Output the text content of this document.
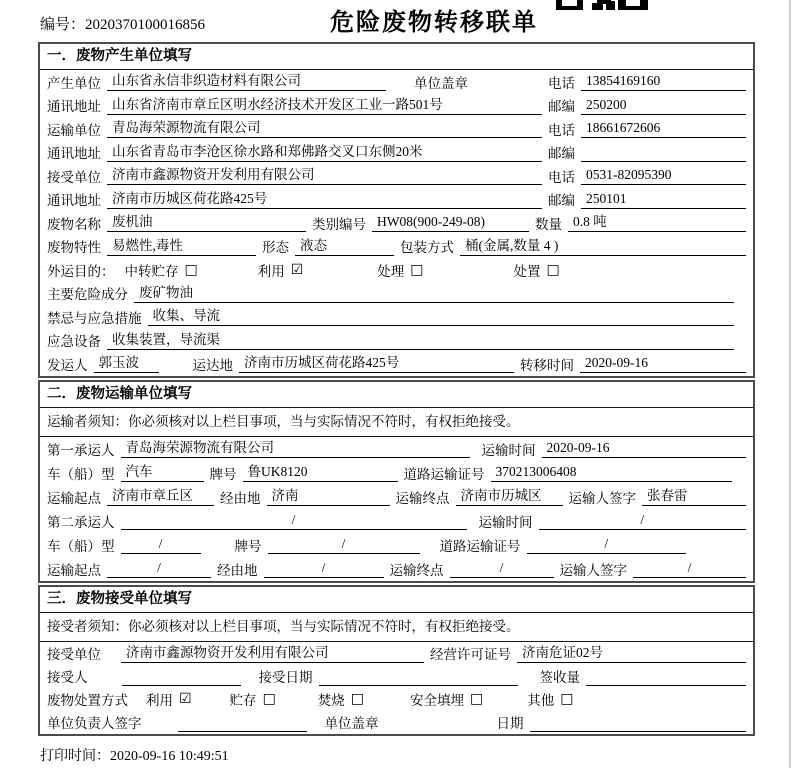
编号：2020370100016856	危险废物转移联单
一．废物产生单位填写
产生单位 山东省永信非织造材料有限公司	单位盖章	电话 13854169160
通讯地址 山东省济南市章丘区明水经济技术开发区工业一路501号	邮编 250200
运输单位 青岛海荣源物流有限公司	电话 18661672606
通讯地址 山东省青岛市李沧区徐水路和郑佛路交叉口东侧20米	邮编
接受单位 济南市鑫源物资开发利用有限公司	电话 0531-82095390
通讯地址 济南市历城区荷花路425号	邮编 250101
废物名称 废机油	类别编号 HW08(900-249-08)	数量 0.8 吨
废物特性 易燃性,毒性	形态 液态	包装方式 桶(金属,数量 4 )
外运目的： 中转贮存 □	利用 ☑	处理 □	处置 □
主要危险成分 废矿物油
禁忌与应急措施 收集、导流
应急设备 收集装置，导流渠
发运人 郭玉波	运达地 济南市历城区荷花路425号	转移时间 2020-09-16
二．废物运输单位填写
运输者须知：你必须核对以上栏目事项，当与实际情况不符时，有权拒绝接受。
第一承运人 青岛海荣源物流有限公司	运输时间 2020-09-16
车（船）型 汽车	牌号 鲁UK8120	道路运输证号 370213006408
运输起点 济南市章丘区	经由地 济南	运输终点 济南市历城区	运输人签字 张春雷
第二承运人	/	运输时间	/
车（船）型	/	牌号	/	道路运输证号	/
运输起点	/	经由地	/	运输终点	/	运输人签字	/
三．废物接受单位填写
接受者须知：你必须核对以上栏目事项，当与实际情况不符时，有权拒绝接受。
接受单位	济南市鑫源物资开发利用有限公司	经营许可证号 济南危证02号
接受人	接受日期	签收量
废物处置方式 利用 ☑	贮存 □	焚烧 □	安全填埋 □	其他 □
单位负责人签字	单位盖章	日期
打印时间：2020-09-16 10:49:51
